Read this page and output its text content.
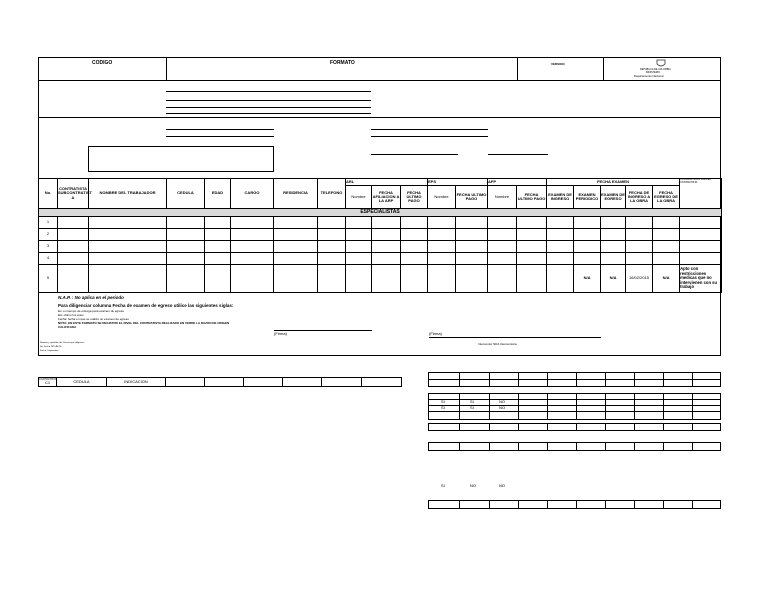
CODIGO	FORMATO	VERSION
REPUBLICA DE COLOMBIA
MINISTERIO
Departamento Nacional
No.	CONTRATISTA SUBCONTRATIST A	NOMBRE DEL TRABAJADOR	CEDULA	EDAD	CARGO	RESIDENCIA	TELEFONO	ARL			EPS		AFP		FECHA EXAMEN					COLUMNA SOLO PARA EL CONTRATISTA
								Nombre	FECHA AFILIACION A LA ARP	FECHA ULTIMO PAGO	Nombre	FECHA ULTIMO PAGO	Nombre	FECHA ULTIMO PAGO	EXAMEN DE INGRESO	EXAMEN PERIODICO	EXAMEN DE EGRESO	FECHA DE INGRESO A LA OBRA	FECHA EGRESO DE LA OBRA	
ESPECIALISTAS																				
1																				
2																				
3																				
4																				
5																N/A	N/A	16/02/2015	N/A	Apto con restricciones medicas que no intervienen con su trabajo
N.A.P. : No aplica en el periodo
Para diligenciar columna Fecha de examen de egreso utilice las siguientes siglas:
Ec: en tiempo de entrega para examen de egreso
EA: ultimo los anos
Fecha: fecha en que se realizo un examen de egreso
NOTA: EN ESTE FORMATO SE REGISTRO EL NIVEL DEL CONTRATISTA REALIZADO EN VERDE LA RAZON DE ORIGEN
CALIFICADA
(Firma)	(Firma)
Interventor SDA Interventoria
Nombre y apellidos del Usuario que diligencia
No. Fecha 2015 AFTE
Fecha: Septiembre
CONTRATISTA
C1	CEDULA	INDICACION						
SI	SI	NO
SI	SI	NO
SI	NO	NO
